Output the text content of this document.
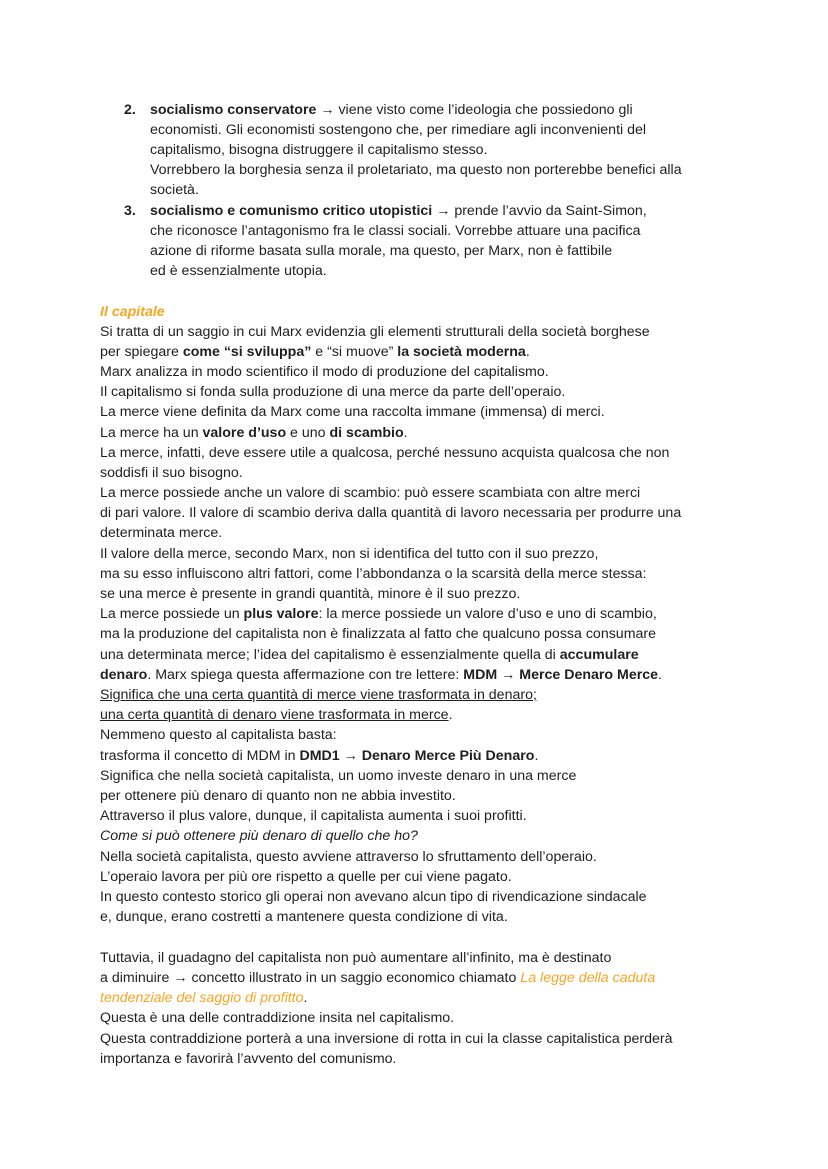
2. socialismo conservatore → viene visto come l’ideologia che possiedono gli
economisti. Gli economisti sostengono che, per rimediare agli inconvenienti del
capitalismo, bisogna distruggere il capitalismo stesso.
Vorrebbero la borghesia senza il proletariato, ma questo non porterebbe benefici alla
società.
3. socialismo e comunismo critico utopistici → prende l’avvio da Saint-Simon,
che riconosce l’antagonismo fra le classi sociali. Vorrebbe attuare una pacifica
azione di riforme basata sulla morale, ma questo, per Marx, non è fattibile
ed è essenzialmente utopia.
Il capitale
Si tratta di un saggio in cui Marx evidenzia gli elementi strutturali della società borghese
per spiegare come “si sviluppa” e “si muove” la società moderna.
Marx analizza in modo scientifico il modo di produzione del capitalismo.
Il capitalismo si fonda sulla produzione di una merce da parte dell’operaio.
La merce viene definita da Marx come una raccolta immane (immensa) di merci.
La merce ha un valore d’uso e uno di scambio.
La merce, infatti, deve essere utile a qualcosa, perché nessuno acquista qualcosa che non
soddisfi il suo bisogno.
La merce possiede anche un valore di scambio: può essere scambiata con altre merci
di pari valore. Il valore di scambio deriva dalla quantità di lavoro necessaria per produrre una
determinata merce.
Il valore della merce, secondo Marx, non si identifica del tutto con il suo prezzo,
ma su esso influiscono altri fattori, come l’abbondanza o la scarsità della merce stessa:
se una merce è presente in grandi quantità, minore è il suo prezzo.
La merce possiede un plus valore: la merce possiede un valore d’uso e uno di scambio,
ma la produzione del capitalista non è finalizzata al fatto che qualcuno possa consumare
una determinata merce; l’idea del capitalismo è essenzialmente quella di accumulare
denaro. Marx spiega questa affermazione con tre lettere: MDM → Merce Denaro Merce.
Significa che una certa quantità di merce viene trasformata in denaro;
una certa quantità di denaro viene trasformata in merce.
Nemmeno questo al capitalista basta:
trasforma il concetto di MDM in DMD1 → Denaro Merce Più Denaro.
Significa che nella società capitalista, un uomo investe denaro in una merce
per ottenere più denaro di quanto non ne abbia investito.
Attraverso il plus valore, dunque, il capitalista aumenta i suoi profitti.
Come si può ottenere più denaro di quello che ho?
Nella società capitalista, questo avviene attraverso lo sfruttamento dell’operaio.
L’operaio lavora per più ore rispetto a quelle per cui viene pagato.
In questo contesto storico gli operai non avevano alcun tipo di rivendicazione sindacale
e, dunque, erano costretti a mantenere questa condizione di vita.
Tuttavia, il guadagno del capitalista non può aumentare all’infinito, ma è destinato
a diminuire → concetto illustrato in un saggio economico chiamato La legge della caduta
tendenziale del saggio di profitto.
Questa è una delle contraddizione insita nel capitalismo.
Questa contraddizione porterà a una inversione di rotta in cui la classe capitalistica perderà
importanza e favorirà l’avvento del comunismo.
